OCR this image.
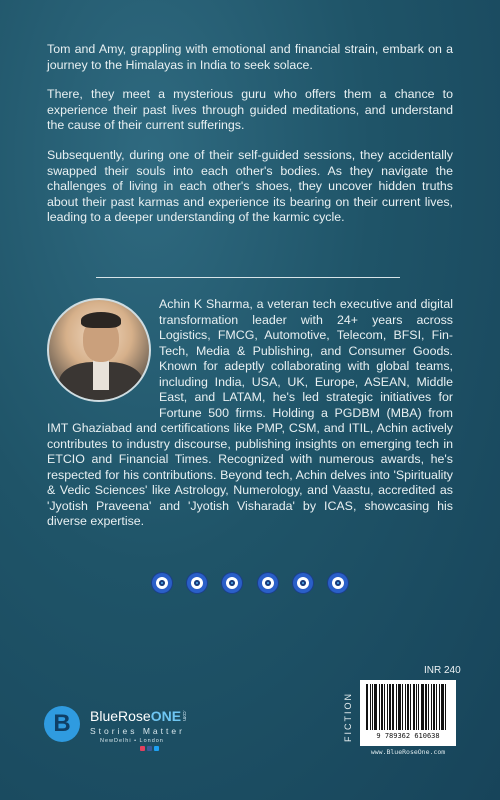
Tom and Amy, grappling with emotional and financial strain, embark on a journey to the Himalayas in India to seek solace.

There, they meet a mysterious guru who offers them a chance to experience their past lives through guided meditations, and understand the cause of their current sufferings.

Subsequently, during one of their self-guided sessions, they accidentally swapped their souls into each other's bodies. As they navigate the challenges of living in each other's shoes, they uncover hidden truths about their past karmas and experience its bearing on their current lives, leading to a deeper understanding of the karmic cycle.

Achin K Sharma, a veteran tech executive and digital transformation leader with 24+ years across Logistics, FMCG, Automotive, Telecom, BFSI, Fin-Tech, Media & Publishing, and Consumer Goods. Known for adeptly collaborating with global teams, including India, USA, UK, Europe, ASEAN, Middle East, and LATAM, he's led strategic initiatives for Fortune 500 firms. Holding a PGDBM (MBA) from IMT Ghaziabad and certifications like PMP, CSM, and ITIL, Achin actively contributes to industry discourse, publishing insights on emerging tech in ETCIO and Financial Times. Recognized with numerous awards, he's respected for his contributions. Beyond tech, Achin delves into 'Spirituality & Vedic Sciences' like Astrology, Numerology, and Vaastu, accredited as 'Jyotish Praveena' and 'Jyotish Visharada' by ICAS, showcasing his diverse expertise.
B	BlueRoseONE.com
Stories Matter
NewDelhi • London
INR 240
FICTION	9 789362 610638
www.BlueRoseOne.com
